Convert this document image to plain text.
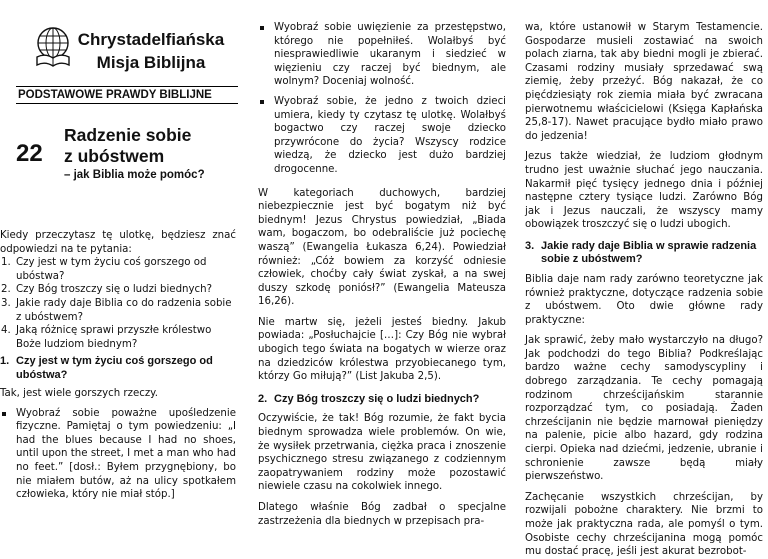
Chrystadelfiańska
Misja Biblijna
PODSTAWOWE PRAWDY BIBLIJNE
22
Radzenie sobie
z ubóstwem
– jak Biblia może pomóc?

Kiedy przeczytasz tę ulotkę, będziesz znać odpowiedzi na te pytania:

1. Czy jest w tym życiu coś gorszego od ubóstwa?
2. Czy Bóg troszczy się o ludzi biednych?
3. Jakie rady daje Biblia co do radzenia sobie z ubóstwem?
4. Jaką różnicę sprawi przyszłe królestwo Boże ludziom biednym?
1. Czy jest w tym życiu coś gorszego od ubóstwa?

Tak, jest wiele gorszych rzeczy.

Wyobraź sobie poważne upośledzenie fizyczne. Pamiętaj o tym powiedzeniu: „I had the blues because I had no shoes, until upon the street, I met a man who had no feet.” [dosł.: Byłem przygnębiony, bo nie miałem butów, aż na ulicy spotkałem człowieka, który nie miał stóp.]

Wyobraź sobie uwięzienie za przestępstwo, którego nie popełniłeś. Wolałbyś być niesprawiedliwie ukaranym i siedzieć w więzieniu czy raczej być biednym, ale wolnym? Doceniaj wolność.

Wyobraź sobie, że jedno z twoich dzieci umiera, kiedy ty czytasz tę ulotkę. Wolałbyś bogactwo czy raczej swoje dziecko przywrócone do życia? Wszyscy rodzice wiedzą, że dziecko jest dużo bardziej drogocenne.

W kategoriach duchowych, bardziej niebezpiecznie jest być bogatym niż być biednym! Jezus Chrystus powiedział, „Biada wam, bogaczom, bo odebraliście już pociechę waszą” (Ewangelia Łukasza 6,24). Powiedział również: „Cóż bowiem za korzyść odniesie człowiek, choćby cały świat zyskał, a na swej duszy szkodę poniósł?” (Ewangelia Mateusza 16,26).

Nie martw się, jeżeli jesteś biedny. Jakub powiada: „Posłuchajcie […]: Czy Bóg nie wybrał ubogich tego świata na bogatych w wierze oraz na dziedziców królestwa przyobiecanego tym, którzy Go miłują?” (List Jakuba 2,5).

2. Czy Bóg troszczy się o ludzi biednych?

Oczywiście, że tak! Bóg rozumie, że fakt bycia biednym sprowadza wiele problemów. On wie, że wysiłek przetrwania, ciężka praca i znoszenie psychicznego stresu związanego z codziennym zaopatrywaniem rodziny może pozostawić niewiele czasu na cokolwiek innego.

Dlatego właśnie Bóg zadbał o specjalne zastrzeżenia dla biednych w przepisach pra-

wa, które ustanowił w Starym Testamencie. Gospodarze musieli zostawiać na swoich polach ziarna, tak aby biedni mogli je zbierać. Czasami rodziny musiały sprzedawać swą ziemię, żeby przeżyć. Bóg nakazał, że co pięćdziesiąty rok ziemia miała być zwracana pierwotnemu właścicielowi (Księga Kapłańska 25,8-17). Nawet pracujące bydło miało prawo do jedzenia!

Jezus także wiedział, że ludziom głodnym trudno jest uważnie słuchać jego nauczania. Nakarmił pięć tysięcy jednego dnia i później następne cztery tysiące ludzi. Zarówno Bóg jak i Jezus nauczali, że wszyscy mamy obowiązek troszczyć się o ludzi ubogich.

3. Jakie rady daje Biblia w sprawie radzenia sobie z ubóstwem?

Biblia daje nam rady zarówno teoretyczne jak również praktyczne, dotyczące radzenia sobie z ubóstwem. Oto dwie główne rady praktyczne:

Jak sprawić, żeby mało wystarczyło na długo? Jak podchodzi do tego Biblia? Podkreślając bardzo ważne cechy samodyscypliny i dobrego zarządzania. Te cechy pomagają rodzinom chrześcijańskim starannie rozporządzać tym, co posiadają. Żaden chrześcijanin nie będzie marnował pieniędzy na palenie, picie albo hazard, gdy rodzina cierpi. Opieka nad dziećmi, jedzenie, ubranie i schronienie zawsze będą miały pierwszeństwo.

Zachęcanie wszystkich chrześcijan, by rozwijali pobożne charaktery. Nie brzmi to może jak praktyczna rada, ale pomyśl o tym. Osobiste cechy chrześcijanina mogą pomóc mu dostać pracę, jeśli jest akurat bezrobot-
